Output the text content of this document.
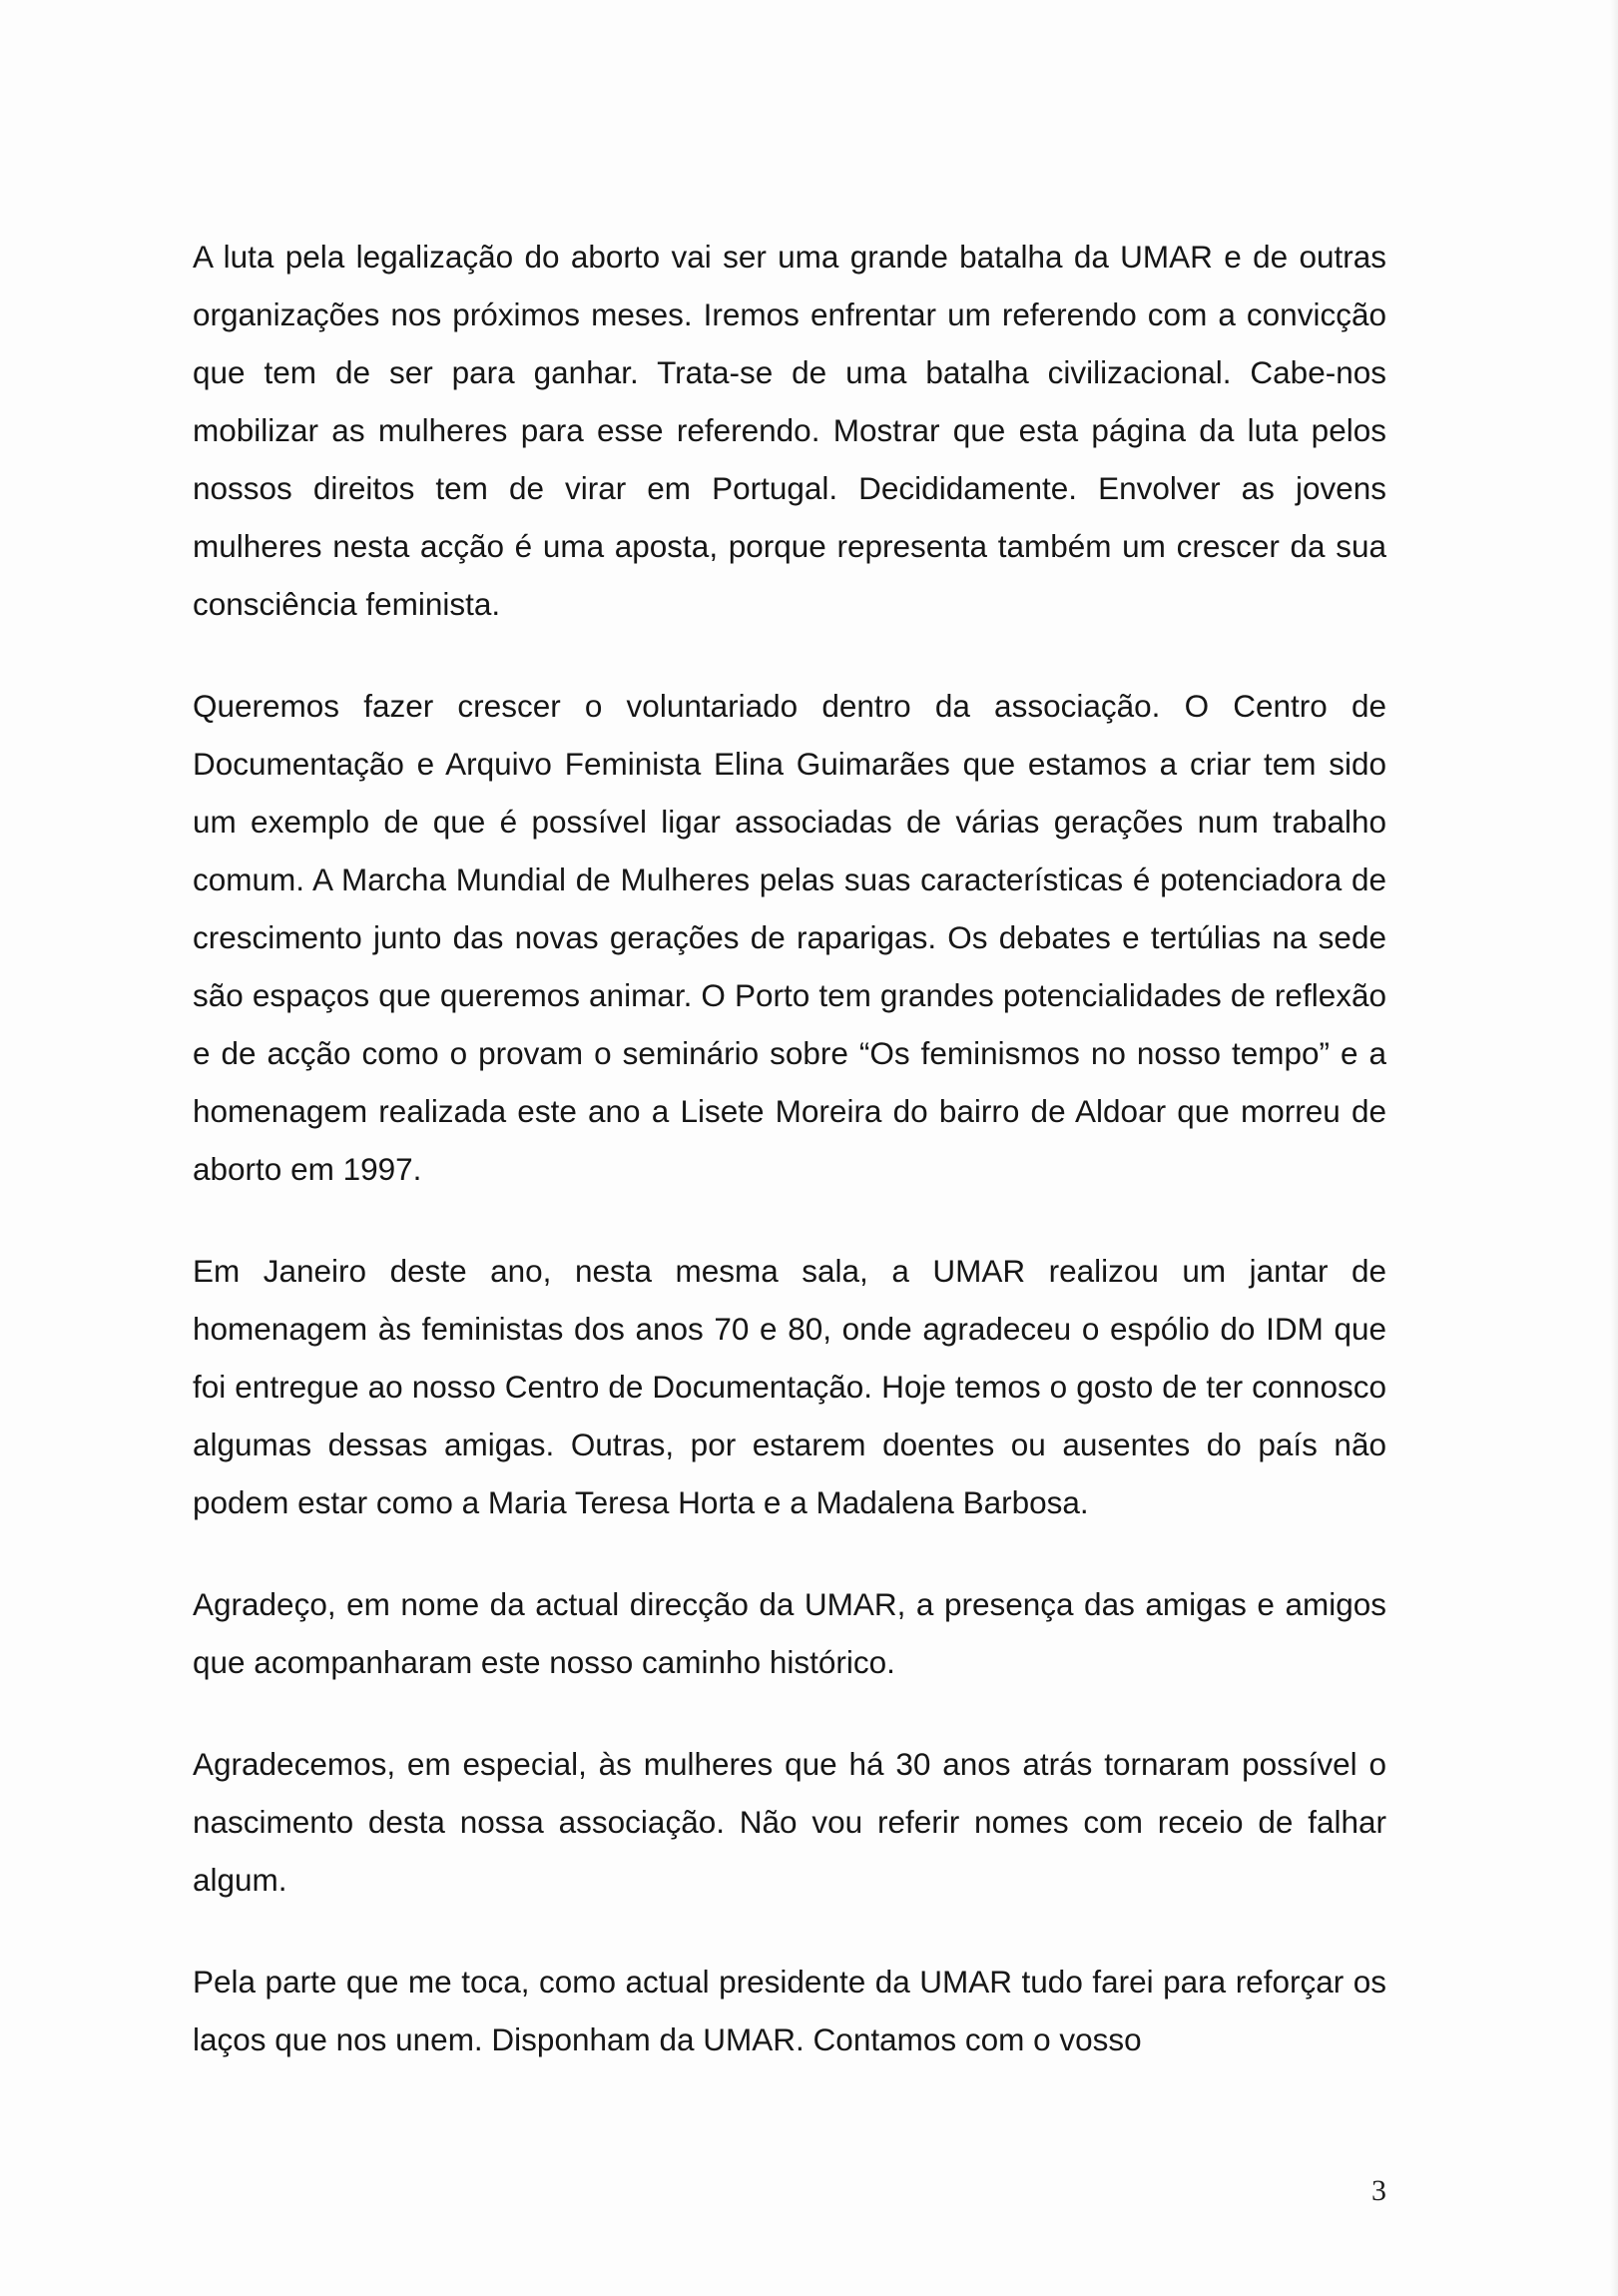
A luta pela legalização do aborto vai ser uma grande batalha da UMAR e de outras organizações nos próximos meses. Iremos enfrentar um referendo com a convicção que tem de ser para ganhar. Trata-se de uma batalha civilizacional. Cabe-nos mobilizar as mulheres para esse referendo. Mostrar que esta página da luta pelos nossos direitos tem de virar em Portugal. Decididamente. Envolver as jovens mulheres nesta acção é uma aposta, porque representa também um crescer da sua consciência feminista.

Queremos fazer crescer o voluntariado dentro da associação. O Centro de Documentação e Arquivo Feminista Elina Guimarães que estamos a criar tem sido um exemplo de que é possível ligar associadas de várias gerações num trabalho comum. A Marcha Mundial de Mulheres pelas suas características é potenciadora de crescimento junto das novas gerações de raparigas. Os debates e tertúlias na sede são espaços que queremos animar. O Porto tem grandes potencialidades de reflexão e de acção como o provam o seminário sobre “Os feminismos no nosso tempo” e a homenagem realizada este ano a Lisete Moreira do bairro de Aldoar que morreu de aborto em 1997.

Em Janeiro deste ano, nesta mesma sala, a UMAR realizou um jantar de homenagem às feministas dos anos 70 e 80, onde agradeceu o espólio do IDM que foi entregue ao nosso Centro de Documentação. Hoje temos o gosto de ter connosco algumas dessas amigas. Outras, por estarem doentes ou ausentes do país não podem estar como a Maria Teresa Horta e a Madalena Barbosa.

Agradeço, em nome da actual direcção da UMAR, a presença das amigas e amigos que acompanharam este nosso caminho histórico.

Agradecemos, em especial, às mulheres que há 30 anos atrás tornaram possível o nascimento desta nossa associação. Não vou referir nomes com receio de falhar algum.

Pela parte que me toca, como actual presidente da UMAR tudo farei para reforçar os laços que nos unem. Disponham da UMAR. Contamos com o vosso

3
